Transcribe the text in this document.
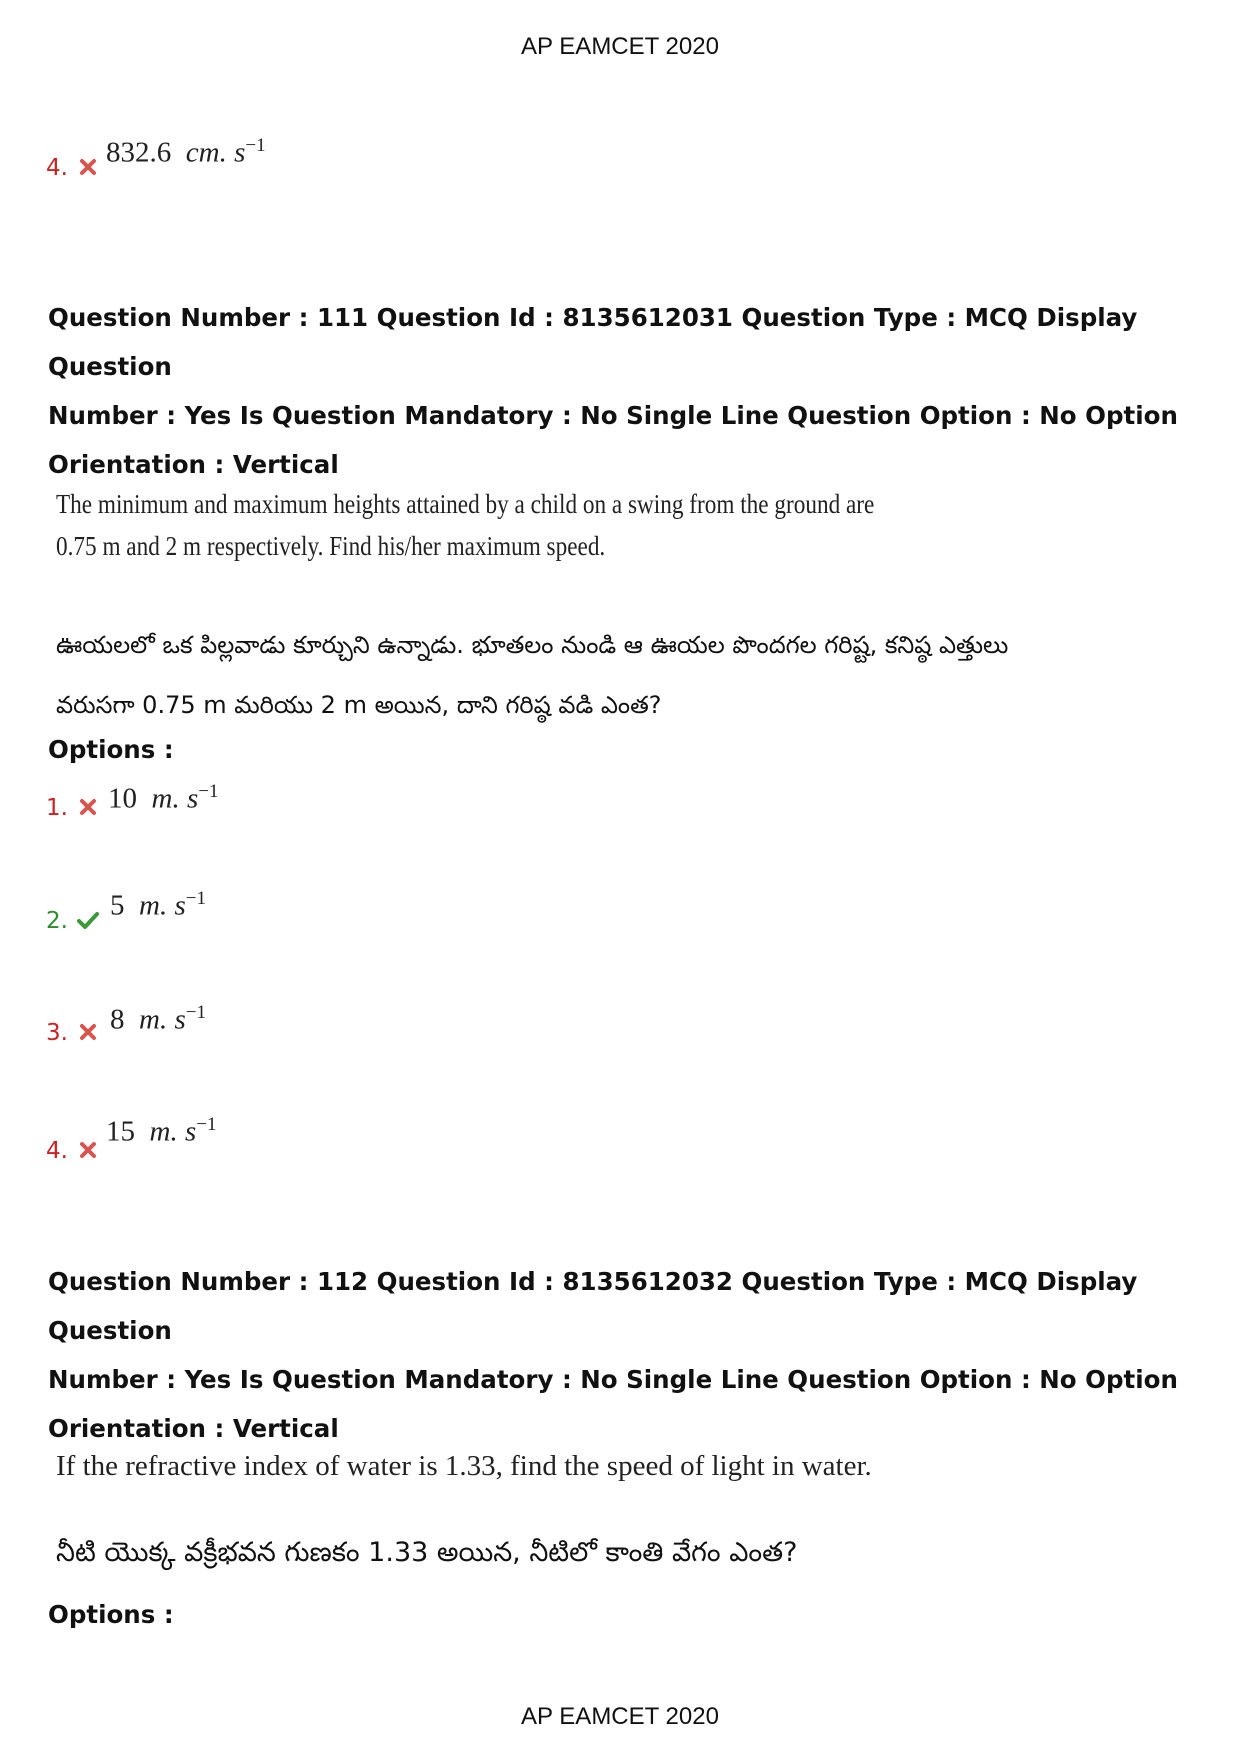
AP EAMCET 2020
4. 832.6 cm. $s^{-1}$
Question Number : 111 Question Id : 8135612031 Question Type : MCQ Display Question
Number : Yes Is Question Mandatory : No Single Line Question Option : No Option
Orientation : Vertical
The minimum and maximum heights attained by a child on a swing from the ground are
0.75 m and 2 m respectively. Find his/her maximum speed.
ఊయలలో ఒక పిల్లవాడు కూర్చుని ఉన్నాడు. భూతలం నుండి ఆ ఊయల పొందగల గరిష్ట, కనిష్ఠ ఎత్తులు
వరుసగా 0.75 m మరియు 2 m అయిన, దాని గరిష్ఠ వడి ఎంత?
Options :
1. 10 m. $s^{-1}$
2. 5 m. $s^{-1}$
3. 8 m. $s^{-1}$
4.
15 m. $s^{-1}$
Question Number : 112 Question Id : 8135612032 Question Type : MCQ Display Question
Number : Yes Is Question Mandatory : No Single Line Question Option : No Option
Orientation : Vertical
If the refractive index of water is 1.33, find the speed of light in water.
నీటి యొక్క వక్రీభవన గుణకం 1.33 అయిన, నీటిలో కాంతి వేగం ఎంత?
Options :
AP EAMCET 2020
